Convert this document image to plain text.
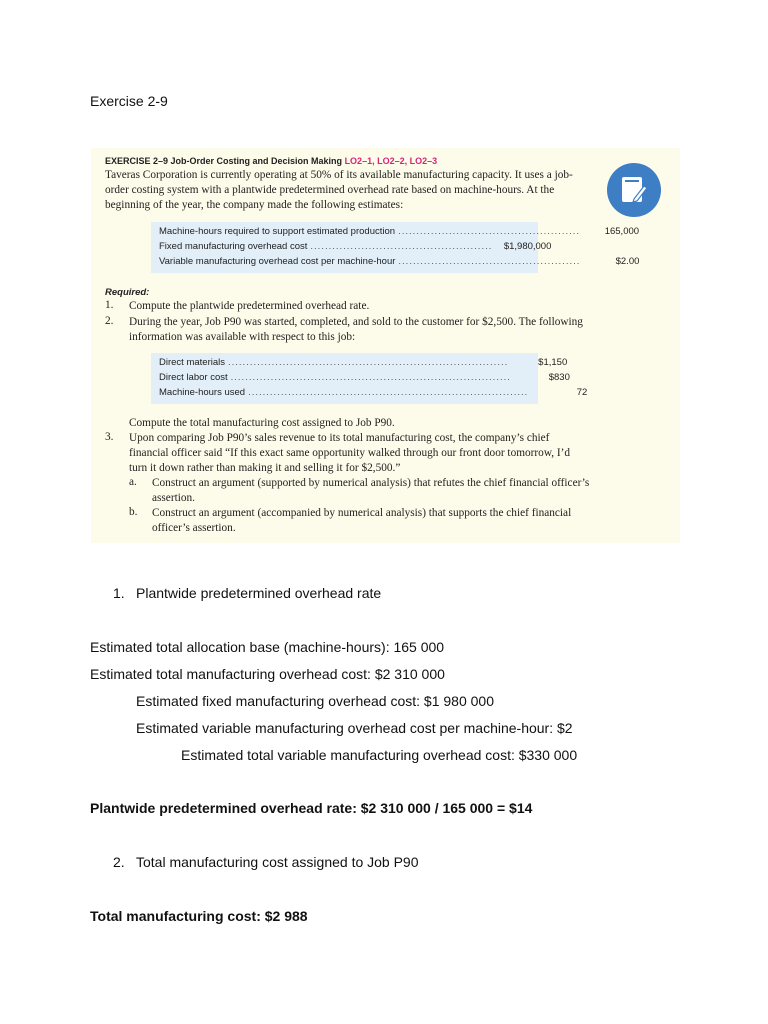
Exercise 2-9
EXERCISE 2–9 Job-Order Costing and Decision Making LO2–1, LO2–2, LO2–3
Taveras Corporation is currently operating at 50% of its available manufacturing capacity. It uses a job-order costing system with a plantwide predetermined overhead rate based on machine-hours. At the beginning of the year, the company made the following estimates:
Machine-hours required to support estimated production ..................................................	165,000
Fixed manufacturing overhead cost ..................................................	$1,980,000
Variable manufacturing overhead cost per machine-hour ..................................................	$2.00
Required:
1. Compute the plantwide predetermined overhead rate.
2. During the year, Job P90 was started, completed, and sold to the customer for $2,500. The following information was available with respect to this job:
Direct materials .............................................................................	$1,150
Direct labor cost .............................................................................	$830
Machine-hours used .............................................................................	72
Compute the total manufacturing cost assigned to Job P90.
3. Upon comparing Job P90’s sales revenue to its total manufacturing cost, the company’s chief financial officer said “If this exact same opportunity walked through our front door tomorrow, I’d turn it down rather than making it and selling it for $2,500.”
a. Construct an argument (supported by numerical analysis) that refutes the chief financial officer’s assertion.
b. Construct an argument (accompanied by numerical analysis) that supports the chief financial officer’s assertion.
1. Plantwide predetermined overhead rate
Estimated total allocation base (machine-hours): 165 000
Estimated total manufacturing overhead cost: $2 310 000
Estimated fixed manufacturing overhead cost: $1 980 000
Estimated variable manufacturing overhead cost per machine-hour: $2
Estimated total variable manufacturing overhead cost: $330 000
Plantwide predetermined overhead rate: $2 310 000 / 165 000 = $14
2. Total manufacturing cost assigned to Job P90
Total manufacturing cost: $2 988
